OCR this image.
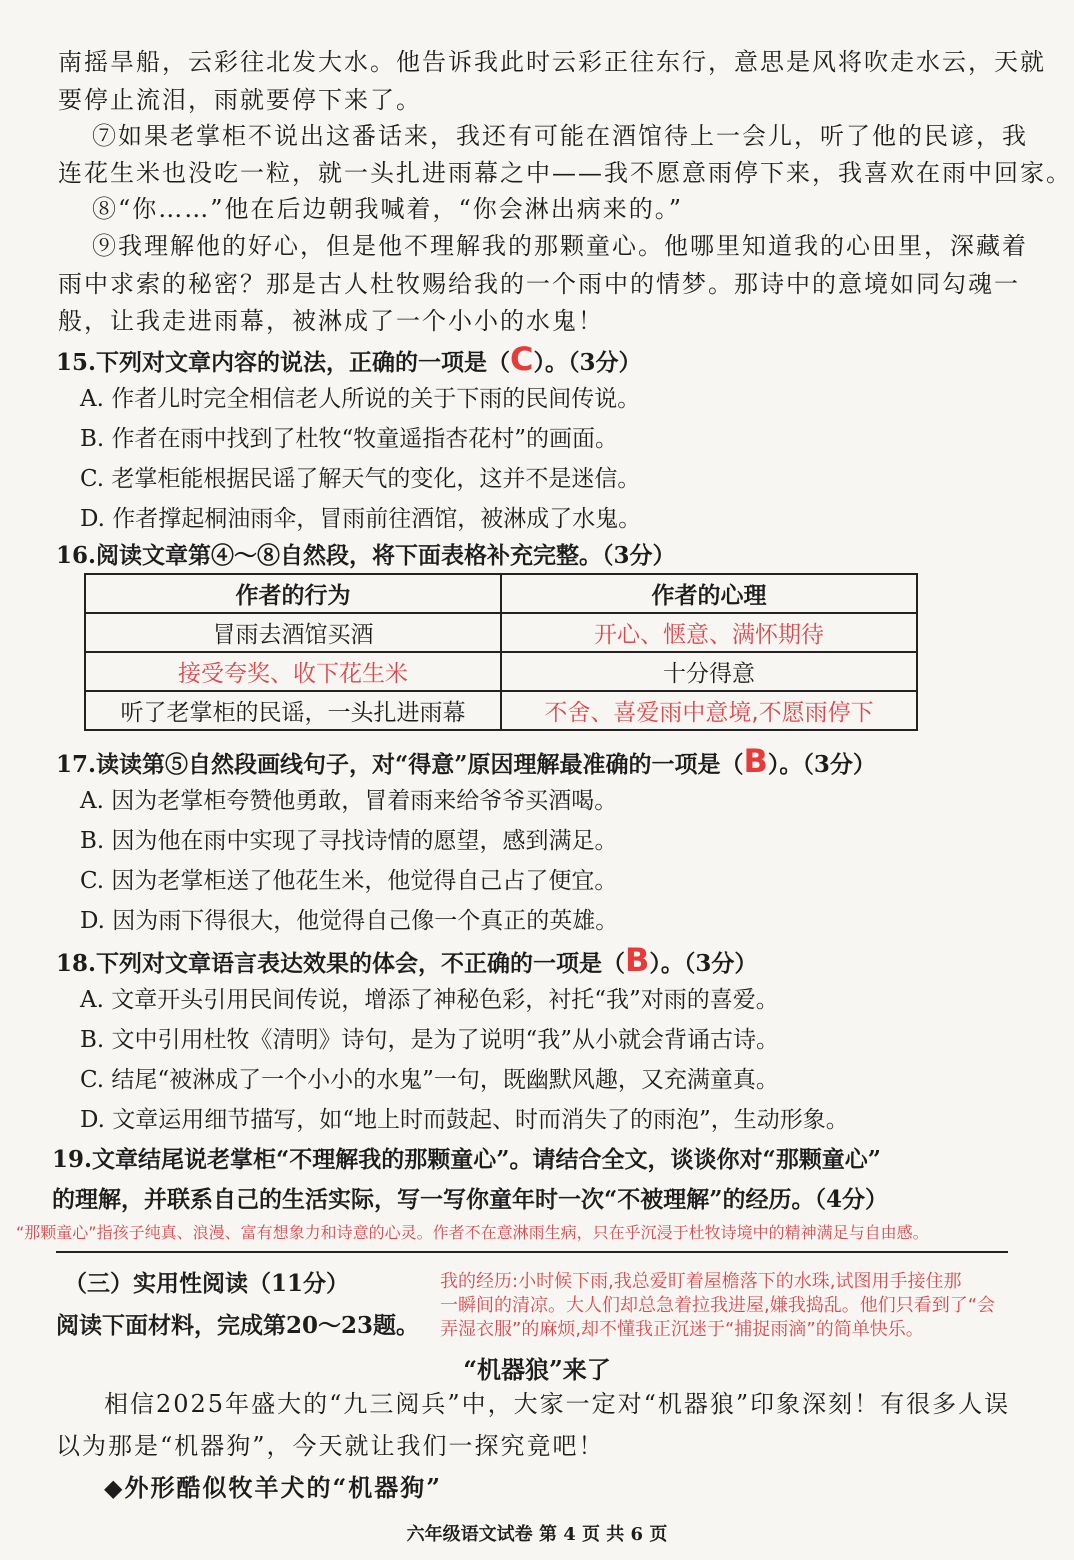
南摇旱船，云彩往北发大水。他告诉我此时云彩正往东行，意思是风将吹走水云，天就
要停止流泪，雨就要停下来了。
⑦如果老掌柜不说出这番话来，我还有可能在酒馆待上一会儿，听了他的民谚，我
连花生米也没吃一粒，就一头扎进雨幕之中——我不愿意雨停下来，我喜欢在雨中回家。
⑧“你……”他在后边朝我喊着，“你会淋出病来的。”
⑨我理解他的好心，但是他不理解我的那颗童心。他哪里知道我的心田里，深藏着
雨中求索的秘密？那是古人杜牧赐给我的一个雨中的情梦。那诗中的意境如同勾魂一
般，让我走进雨幕，被淋成了一个小小的水鬼！
15.下列对文章内容的说法，正确的一项是（C）。（3分）
A. 作者儿时完全相信老人所说的关于下雨的民间传说。
B. 作者在雨中找到了杜牧“牧童遥指杏花村”的画面。
C. 老掌柜能根据民谣了解天气的变化，这并不是迷信。
D. 作者撑起桐油雨伞，冒雨前往酒馆，被淋成了水鬼。
16.阅读文章第④～⑧自然段，将下面表格补充完整。（3分）
作者的行为	作者的心理
冒雨去酒馆买酒	开心、惬意、满怀期待
接受夸奖、收下花生米	十分得意
听了老掌柜的民谣，一头扎进雨幕	不舍、喜爱雨中意境,不愿雨停下
17.读读第⑤自然段画线句子，对“得意”原因理解最准确的一项是（B）。（3分）
A. 因为老掌柜夸赞他勇敢，冒着雨来给爷爷买酒喝。
B. 因为他在雨中实现了寻找诗情的愿望，感到满足。
C. 因为老掌柜送了他花生米，他觉得自己占了便宜。
D. 因为雨下得很大，他觉得自己像一个真正的英雄。
18.下列对文章语言表达效果的体会，不正确的一项是（B）。（3分）
A. 文章开头引用民间传说，增添了神秘色彩，衬托“我”对雨的喜爱。
B. 文中引用杜牧《清明》诗句，是为了说明“我”从小就会背诵古诗。
C. 结尾“被淋成了一个小小的水鬼”一句，既幽默风趣，又充满童真。
D. 文章运用细节描写，如“地上时而鼓起、时而消失了的雨泡”，生动形象。
19.文章结尾说老掌柜“不理解我的那颗童心”。请结合全文，谈谈你对“那颗童心”
的理解，并联系自己的生活实际，写一写你童年时一次“不被理解”的经历。（4分）
“那颗童心”指孩子纯真、浪漫、富有想象力和诗意的心灵。作者不在意淋雨生病，只在乎沉浸于杜牧诗境中的精神满足与自由感。
（三）实用性阅读（11分）
阅读下面材料，完成第20～23题。
我的经历:小时候下雨,我总爱盯着屋檐落下的水珠,试图用手接住那
一瞬间的清凉。大人们却总急着拉我进屋,嫌我捣乱。他们只看到了“会
弄湿衣服”的麻烦,却不懂我正沉迷于“捕捉雨滴”的简单快乐。
“机器狼”来了
相信2025年盛大的“九三阅兵”中，大家一定对“机器狼”印象深刻！有很多人误
以为那是“机器狗”，今天就让我们一探究竟吧！
◆外形酷似牧羊犬的“机器狗”
六年级语文试卷 第 4 页 共 6 页
